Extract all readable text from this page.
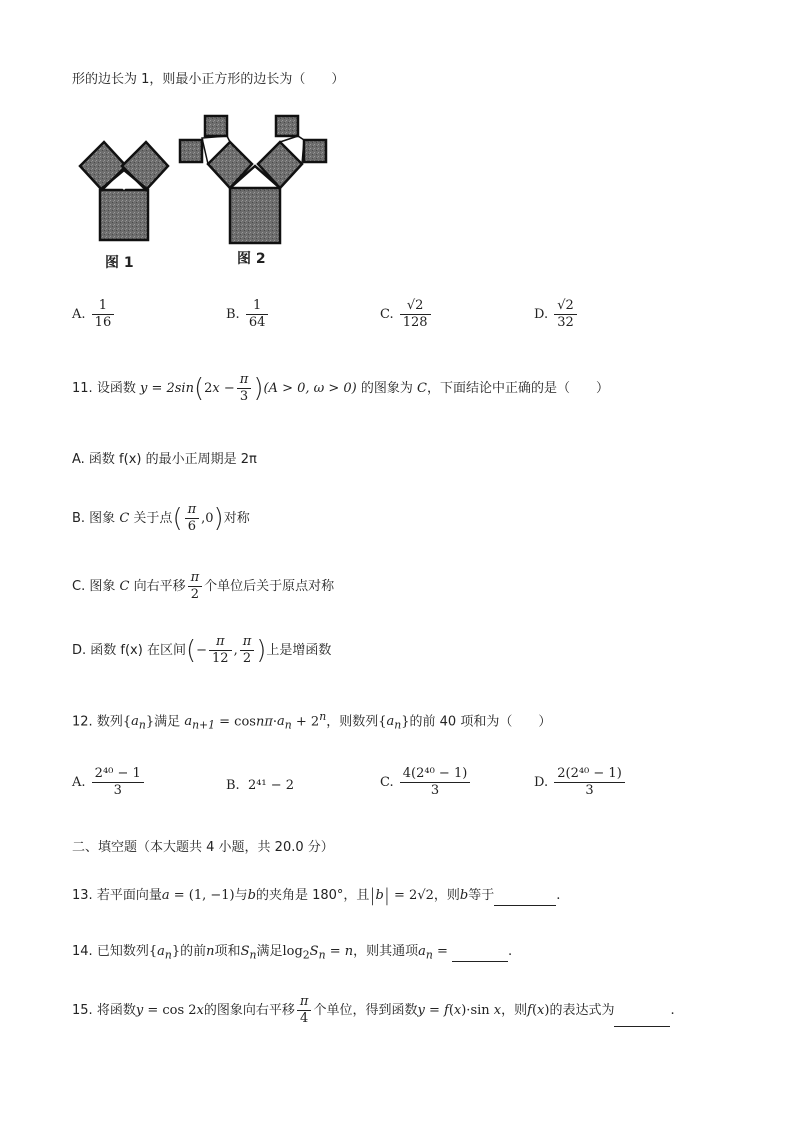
形的边长为 1，则最小正方形的边长为（　　）
图 1	图 2
A. $\frac{1}{16}$	B. $\frac{1}{64}$	C. $\frac{√2}{128}$	D. $\frac{√2}{32}$
11. 设函数 $y = 2\sin(2x - \frac{\pi}{3} )(A > 0$, ω > 0) 的图象为 C，下面结论中正确的是（　　）
A. 函数 f(x) 的最小正周期是 2π
B. 图象 C 关于点( $\frac{\pi}{6} ,0$)对称
C. 图象 C 向右平移 $\frac{\pi}{2}$ 个单位后关于原点对称
D. 函数 f(x) 在区间(− $\frac{\pi}{12}$ , $\frac{\pi}{2}$ )上是增函数
12. 数列$\{a_n\}$满足 $a_{n+1} = \cos n\pi\cdot a_n + 2^n$，则数列$\{a_n\}$的前 40 项和为（　　）
A. $\frac{\text{2⁴⁰ − 1}}{3}$	B. 2⁴¹ − 2	C. $\frac{\text{4(2⁴⁰ − 1)}}{3}$	D. $\frac{\text{2(2⁴⁰ − 1)}}{3}$
二、填空题（本大题共 4 小题，共 20.0 分）
13. 若平面向量a = (1, −1)与b的夹角是 180°，且|b| = 2√2，则b等于	.
14. 已知数列$\{a_n\}$的前n项和$S_n$满足$\log_2S_n = n$，则其通项$a_n$ =	.
15. 将函数y = cos 2x的图象向右平移 $\frac{\pi}{4}$ 个单位，得到函数y = f(x)·sin x，则f(x)的表达式为	.
